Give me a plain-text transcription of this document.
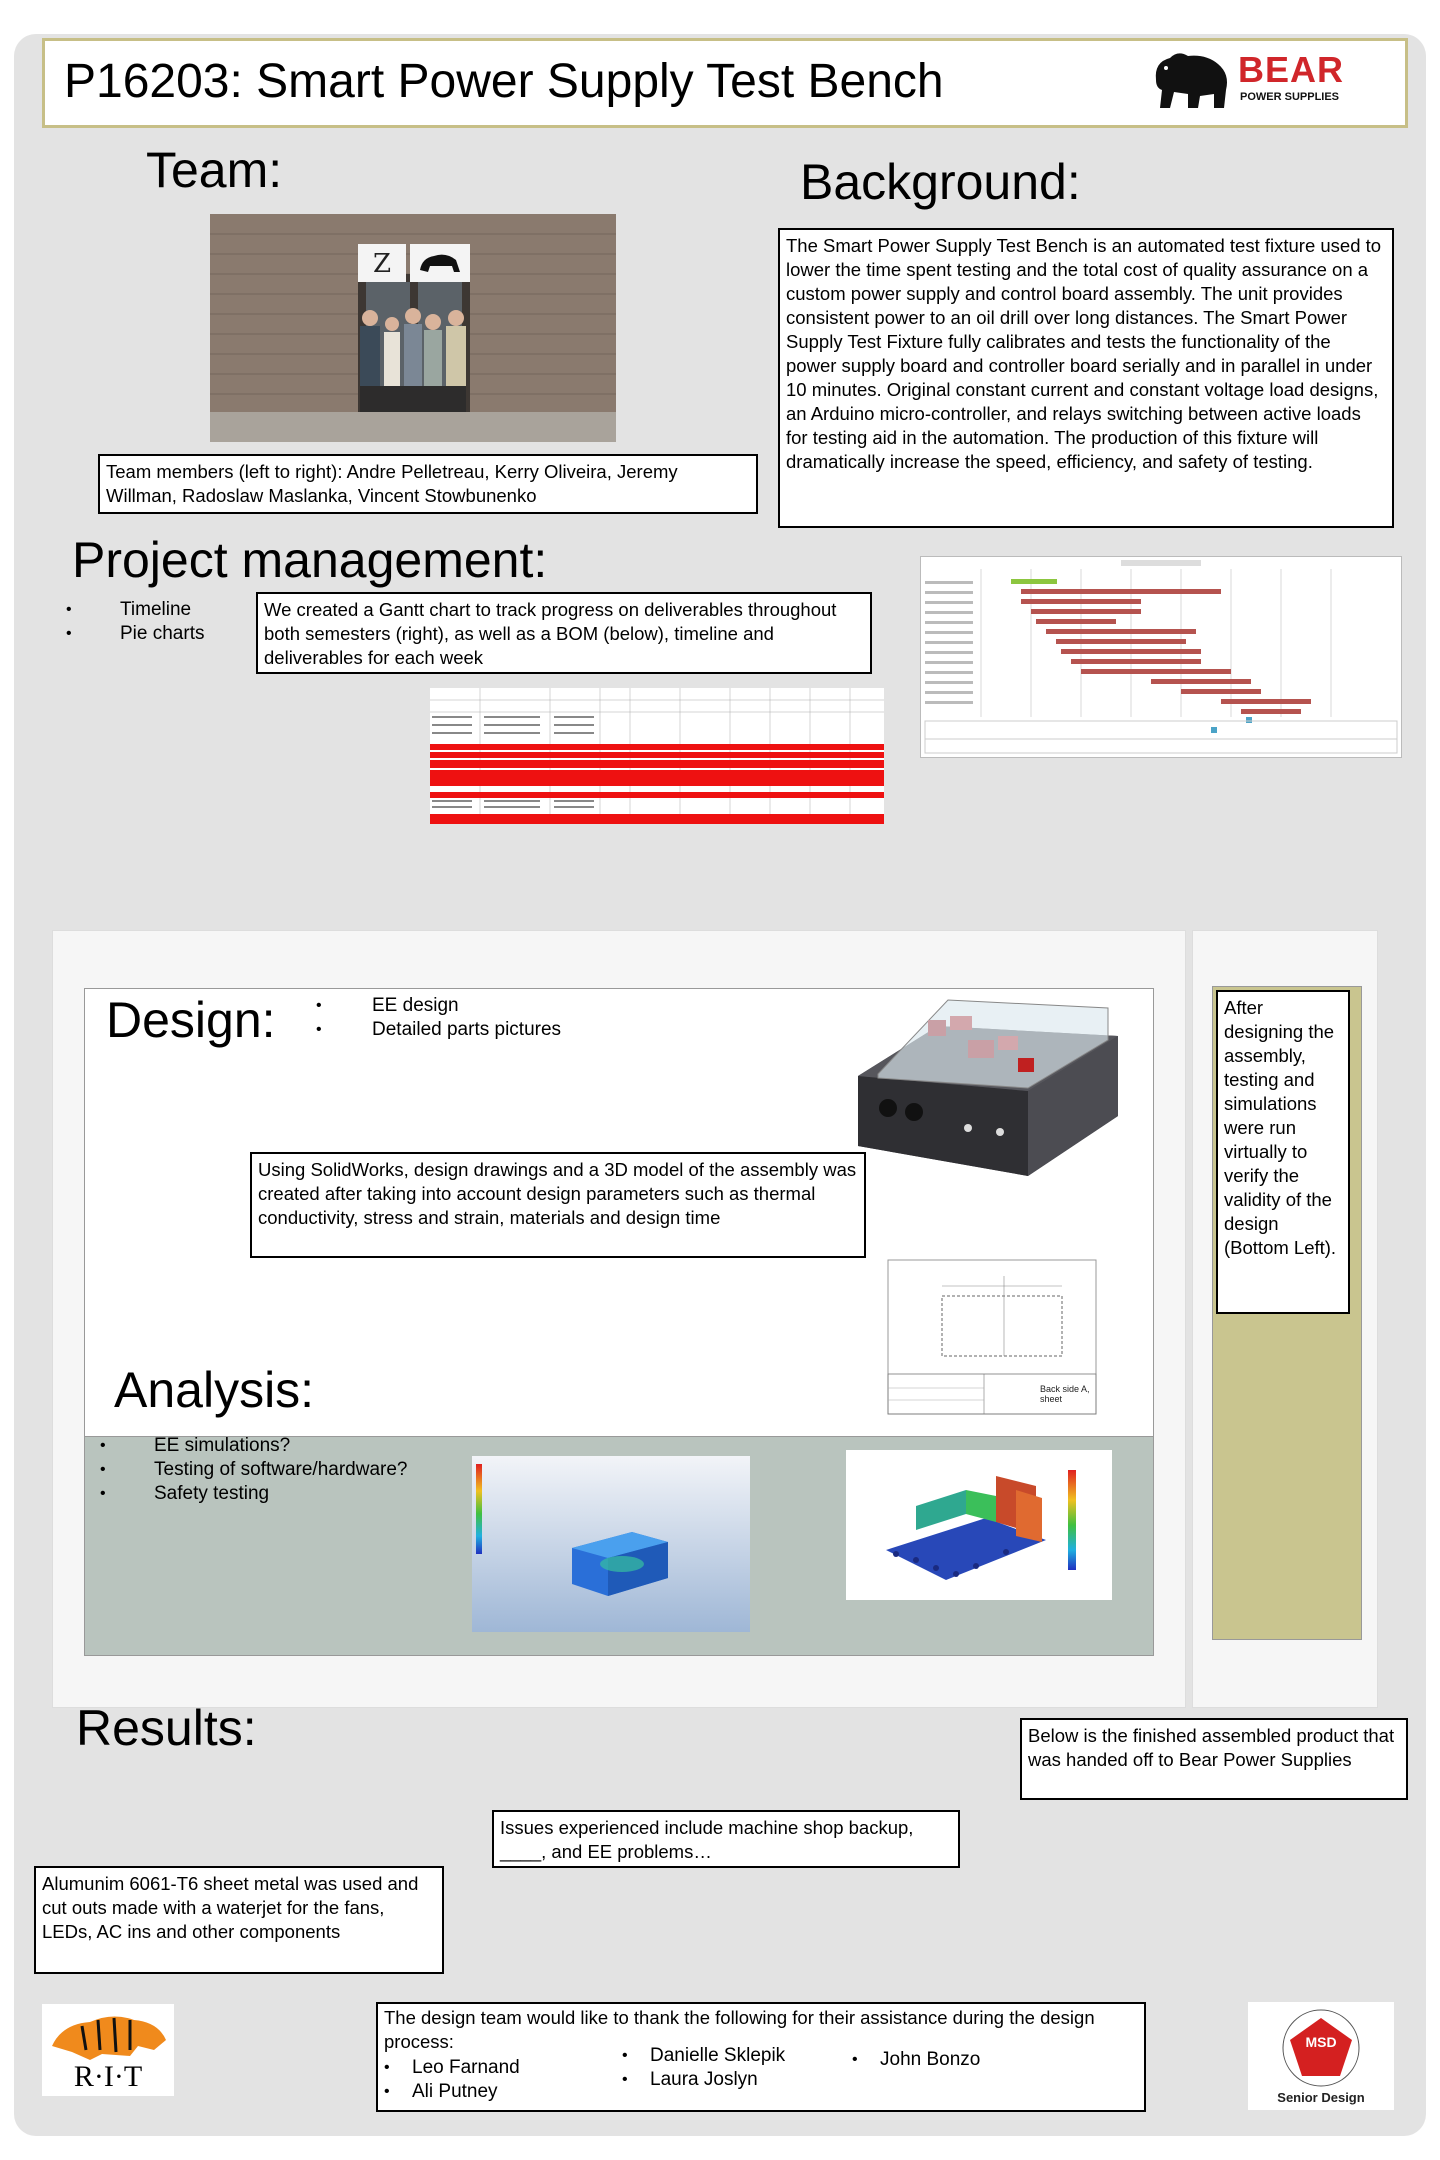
P16203: Smart Power Supply Test Bench	BEAR
POWER SUPPLIES
Team:
Z
Team members (left to right): Andre Pelletreau, Kerry Oliveira, Jeremy Willman, Radoslaw Maslanka, Vincent Stowbunenko
Background:
The Smart Power Supply Test Bench is an automated test fixture used to lower the time spent testing and the total cost of quality assurance on a custom power supply and control board assembly. The unit provides consistent power to an oil drill over long distances. The Smart Power Supply Test Fixture fully calibrates and tests the functionality of the power supply board and controller board serially and in parallel in under 10 minutes. Original constant current and constant voltage load designs, an Arduino micro-controller, and relays switching between active loads for testing aid in the automation. The production of this fixture will dramatically increase the speed, efficiency, and safety of testing.
Project management:
•	Timeline
•	Pie charts
We created a Gantt chart to track progress on deliverables throughout both semesters (right), as well as a BOM (below), timeline and deliverables for each week
Design:	•	EE design
•	Detailed parts pictures
Using SolidWorks, design drawings and a 3D model of the assembly was created after taking into account design parameters such as thermal conductivity, stress and strain, materials and design time
Back side A, sheet
After designing the assembly, testing and simulations were run virtually to verify the validity of the design (Bottom Left).
Analysis:
•	EE simulations?
•	Testing of software/hardware?
•	Safety testing
Results:	Below is the finished assembled product that was handed off to Bear Power Supplies
Issues experienced include machine shop backup, ____, and EE problems…
Alumunim 6061-T6 sheet metal was used and cut outs made with a waterjet for the fans, LEDs, AC ins and other components
R·I·T
The design team would like to thank the following for their assistance during the design process:
• Leo Farnand
• Ali Putney
• Danielle Sklepik
• Laura Joslyn
• John Bonzo
MSD
Senior Design
